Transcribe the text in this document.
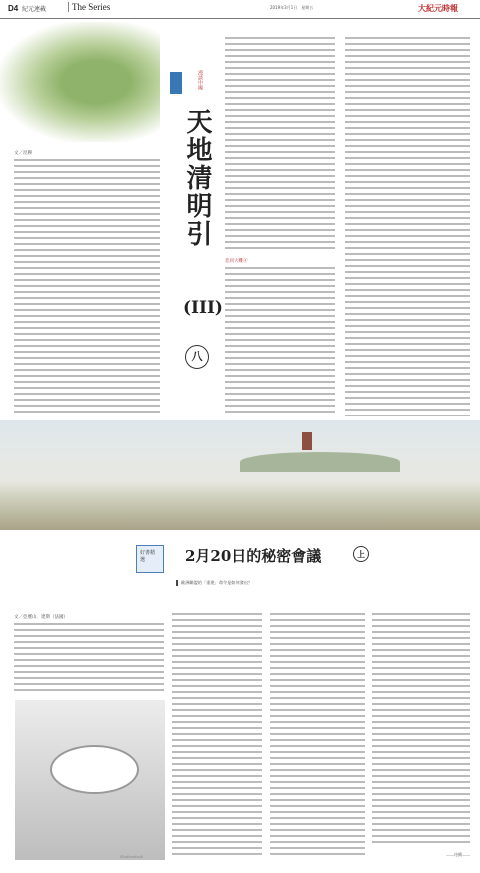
D4 紀元連載	The Series	2019年3月1日　星期五	大紀元時報
文／昆穆
漫談中國
天地清明引
(III)
八
悲同大難④
好書精選	2月20日的秘密會議	上
歐洲聯盟的「重建」命令是如何發出？
文／亞歷山．達斯（法國）
Shutterstock	——待續——
